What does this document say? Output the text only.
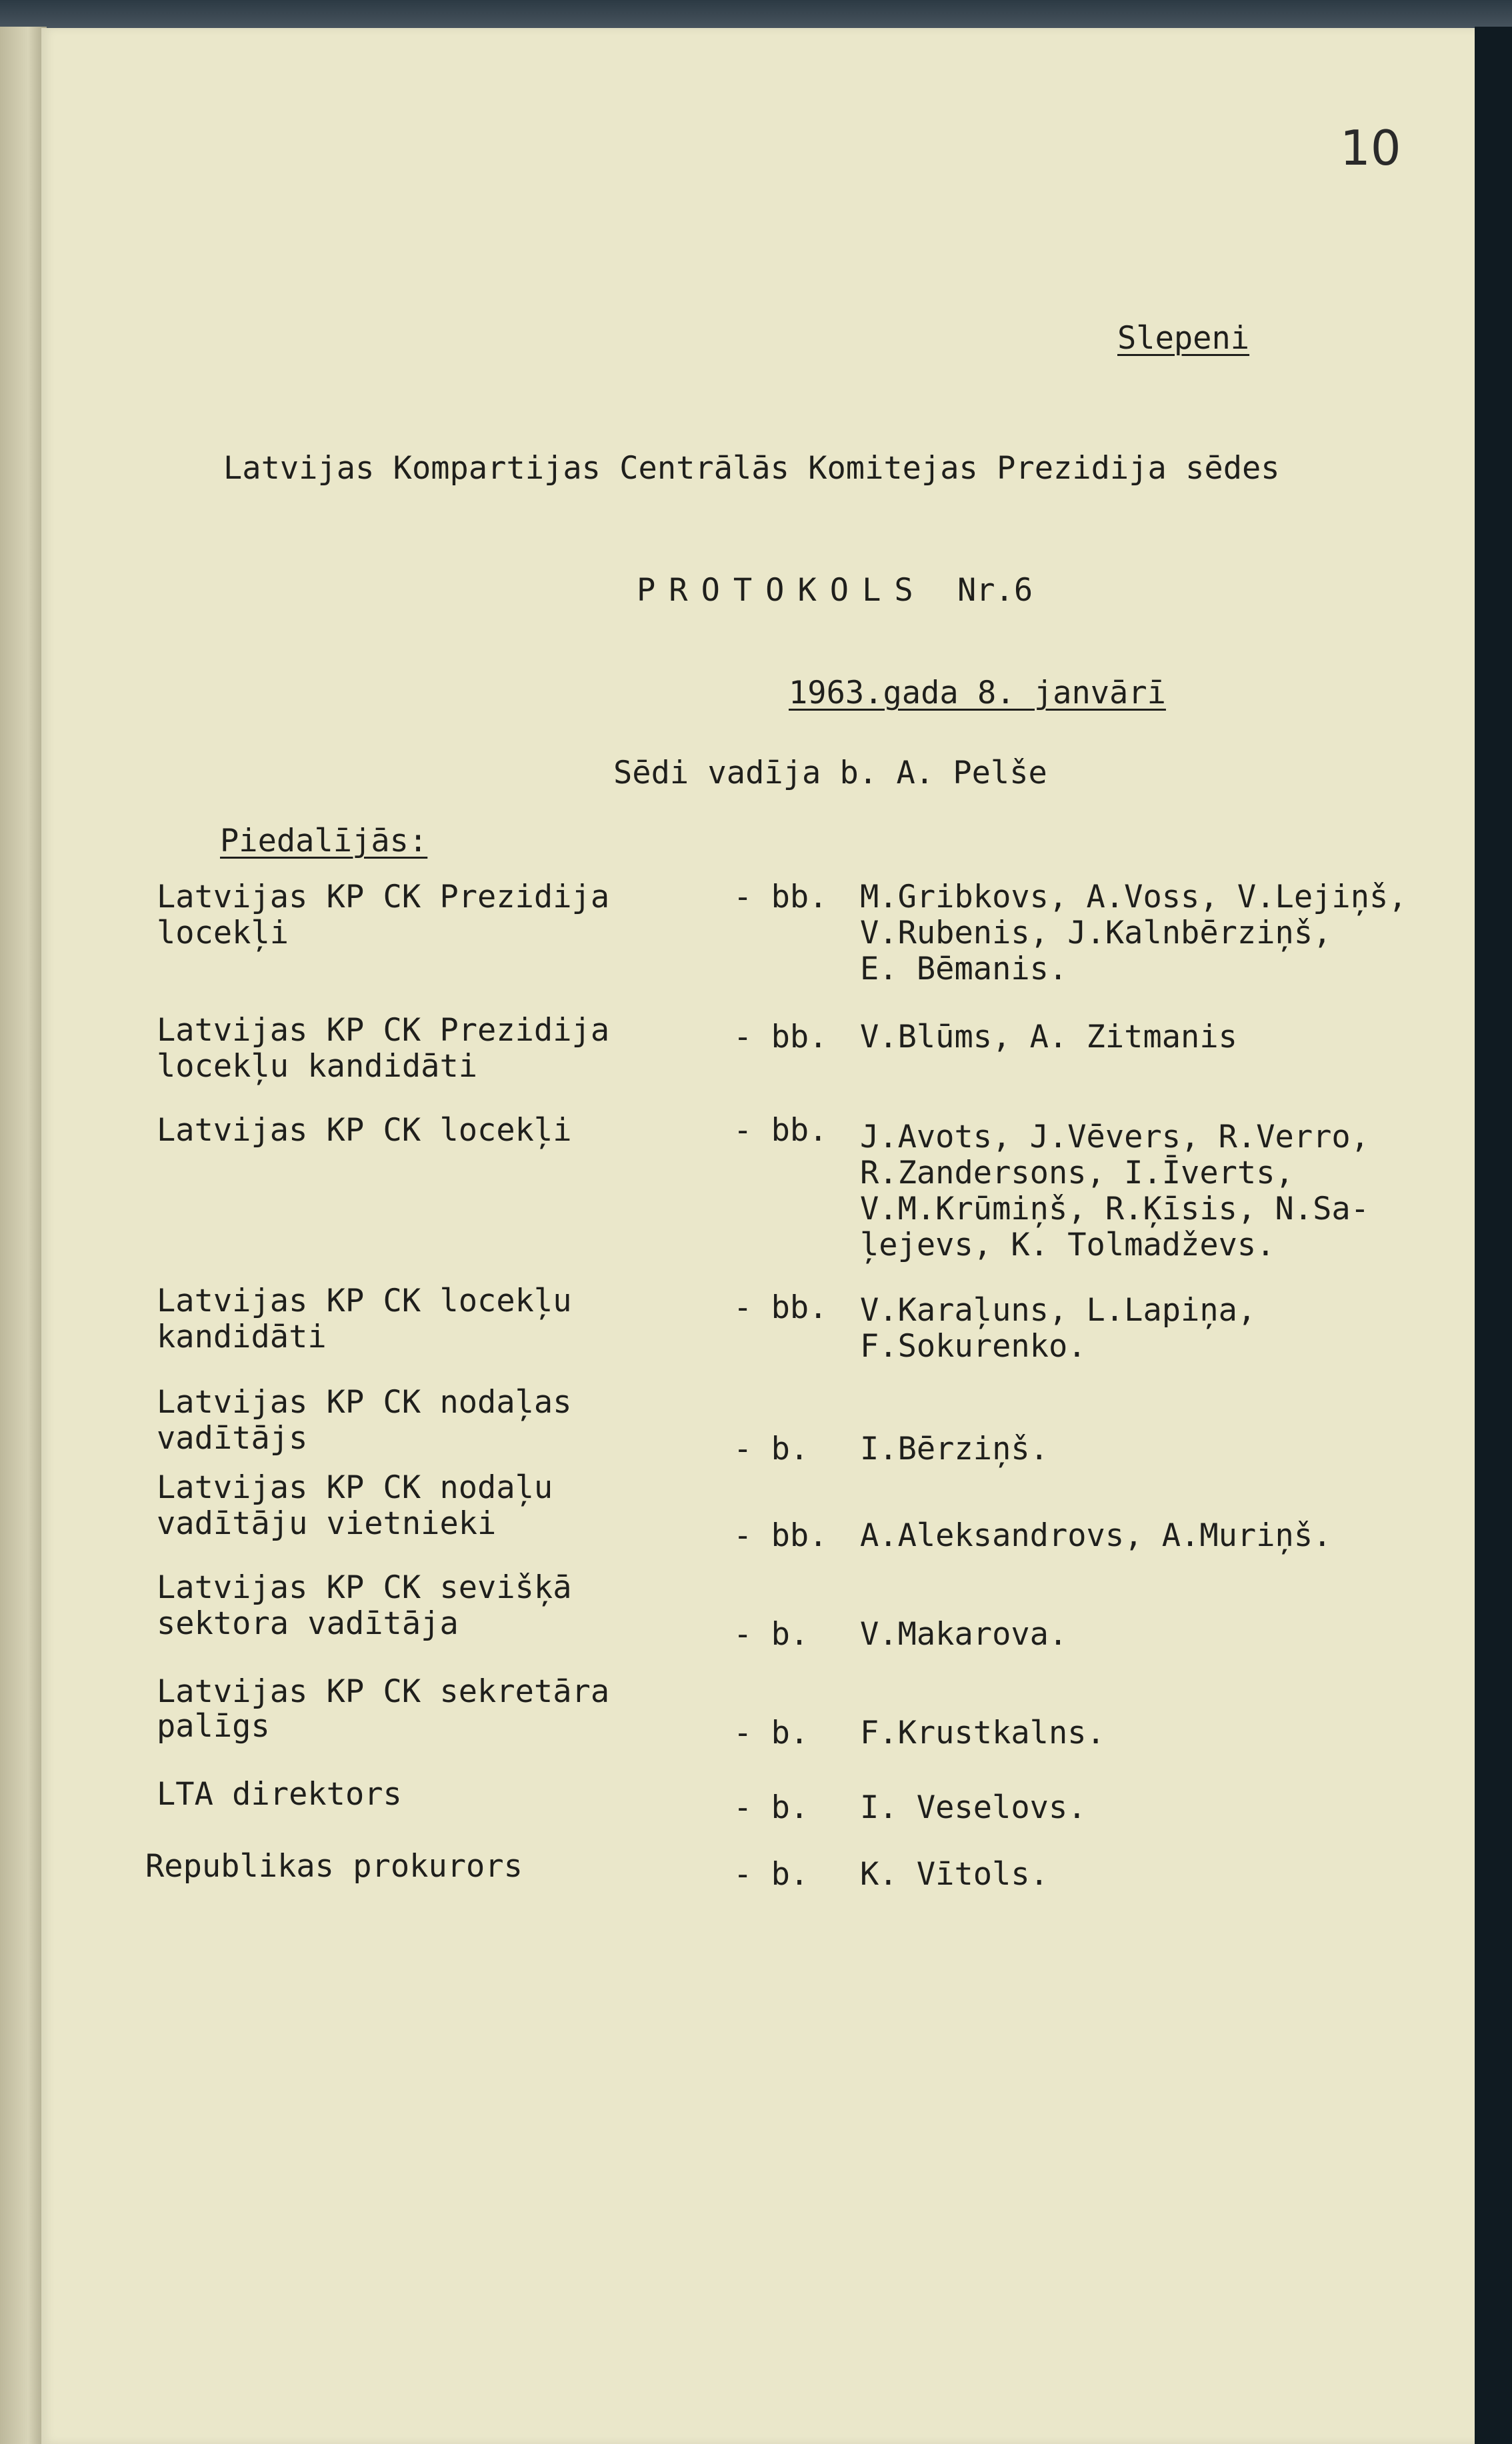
10
Slepeni
Latvijas Kompartijas Centrālās Komitejas Prezidija sēdes
PROTOKOLS Nr.6
1963.gada 8. janvārī
Sēdi vadīja b. A. Pelše
Piedalījās:
Latvijas KP CK Prezidija
locekļi
- bb. M.Gribkovs, A.Voss, V.Lejiņš,
V.Rubenis, J.Kalnbērziņš,
E. Bēmanis.
Latvijas KP CK Prezidija
locekļu kandidāti
- bb. V.Blūms, A. Zitmanis
Latvijas KP CK locekļi	- bb. J.Avots, J.Vēvers, R.Verro,
R.Zandersons, I.Īverts,
V.M.Krūmiņš, R.Ķīsis, N.Sa-
ļejevs, K. Tolmadževs.
Latvijas KP CK locekļu
kandidāti
- bb. V.Karaļuns, L.Lapiņa,
F.Sokurenko.
Latvijas KP CK nodaļas
vadītājs	- b. I.Bērziņš.
Latvijas KP CK nodaļu
vadītāju vietnieki	- bb. A.Aleksandrovs, A.Muriņš.
Latvijas KP CK sevišķā
sektora vadītāja	- b. V.Makarova.
Latvijas KP CK sekretāra
palīgs	- b. F.Krustkalns.
LTA direktors	- b. I. Veselovs.
Republikas prokurors	- b. K. Vītols.
